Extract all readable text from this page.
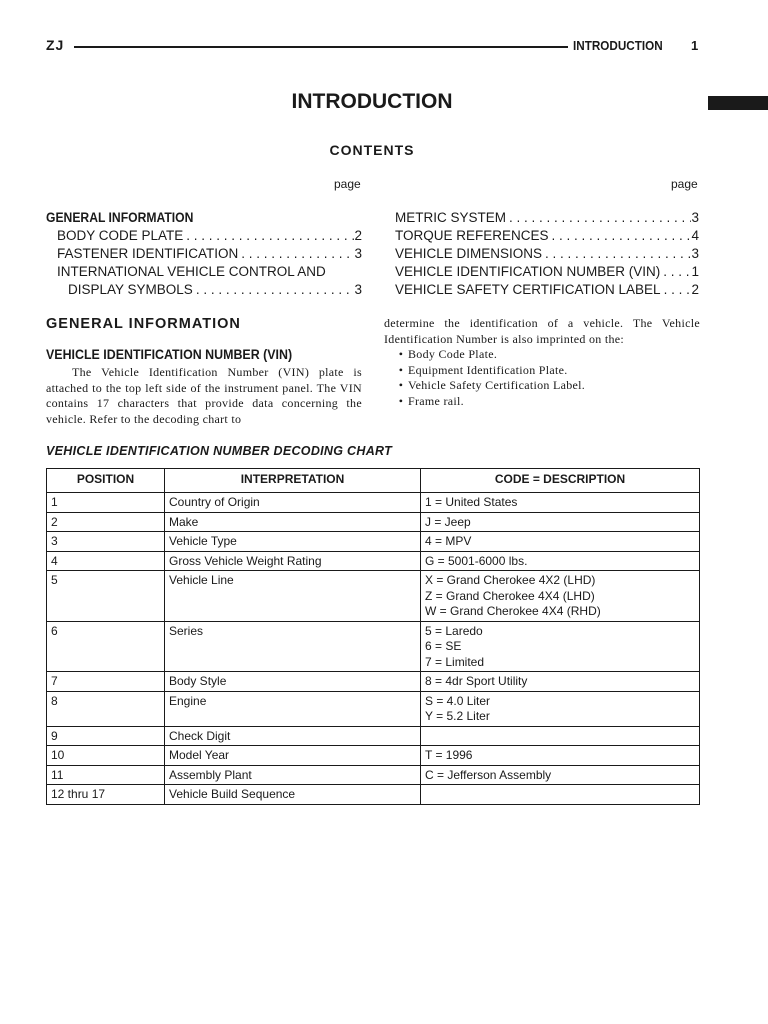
ZJ	INTRODUCTION 1
INTRODUCTION
CONTENTS
page	page
GENERAL INFORMATION
BODY CODE PLATE . . .	2
FASTENER IDENTIFICATION . . .	3
INTERNATIONAL VEHICLE CONTROL AND
DISPLAY SYMBOLS . . .	3
METRIC SYSTEM . . .	3
TORQUE REFERENCES . . .	4
VEHICLE DIMENSIONS . . .	3
VEHICLE IDENTIFICATION NUMBER (VIN) . . . 1
VEHICLE SAFETY CERTIFICATION LABEL . . . 2
GENERAL INFORMATION
VEHICLE IDENTIFICATION NUMBER (VIN)
The Vehicle Identification Number (VIN) plate is attached to the top left side of the instrument panel. The VIN contains 17 characters that provide data concerning the vehicle. Refer to the decoding chart to
determine the identification of a vehicle. The Vehicle Identification Number is also imprinted on the:
• Body Code Plate.
• Equipment Identification Plate.
• Vehicle Safety Certification Label.
• Frame rail.
VEHICLE IDENTIFICATION NUMBER DECODING CHART
POSITION	INTERPRETATION	CODE = DESCRIPTION
1	Country of Origin	1 = United States

2	Make	J = Jeep

3	Vehicle Type	4 = MPV

4	Gross Vehicle Weight Rating	G = 5001-6000 lbs.

5	Vehicle Line	X = Grand Cherokee 4X2 (LHD)
Z = Grand Cherokee 4X4 (LHD)
W = Grand Cherokee 4X4 (RHD)

6	Series	5 = Laredo
6 = SE
7 = Limited

7	Body Style	8 = 4dr Sport Utility

8	Engine	S = 4.0 Liter
Y = 5.2 Liter

9	Check Digit	

10	Model Year	T = 1996

11	Assembly Plant	C = Jefferson Assembly

12 thru 17	Vehicle Build Sequence	
